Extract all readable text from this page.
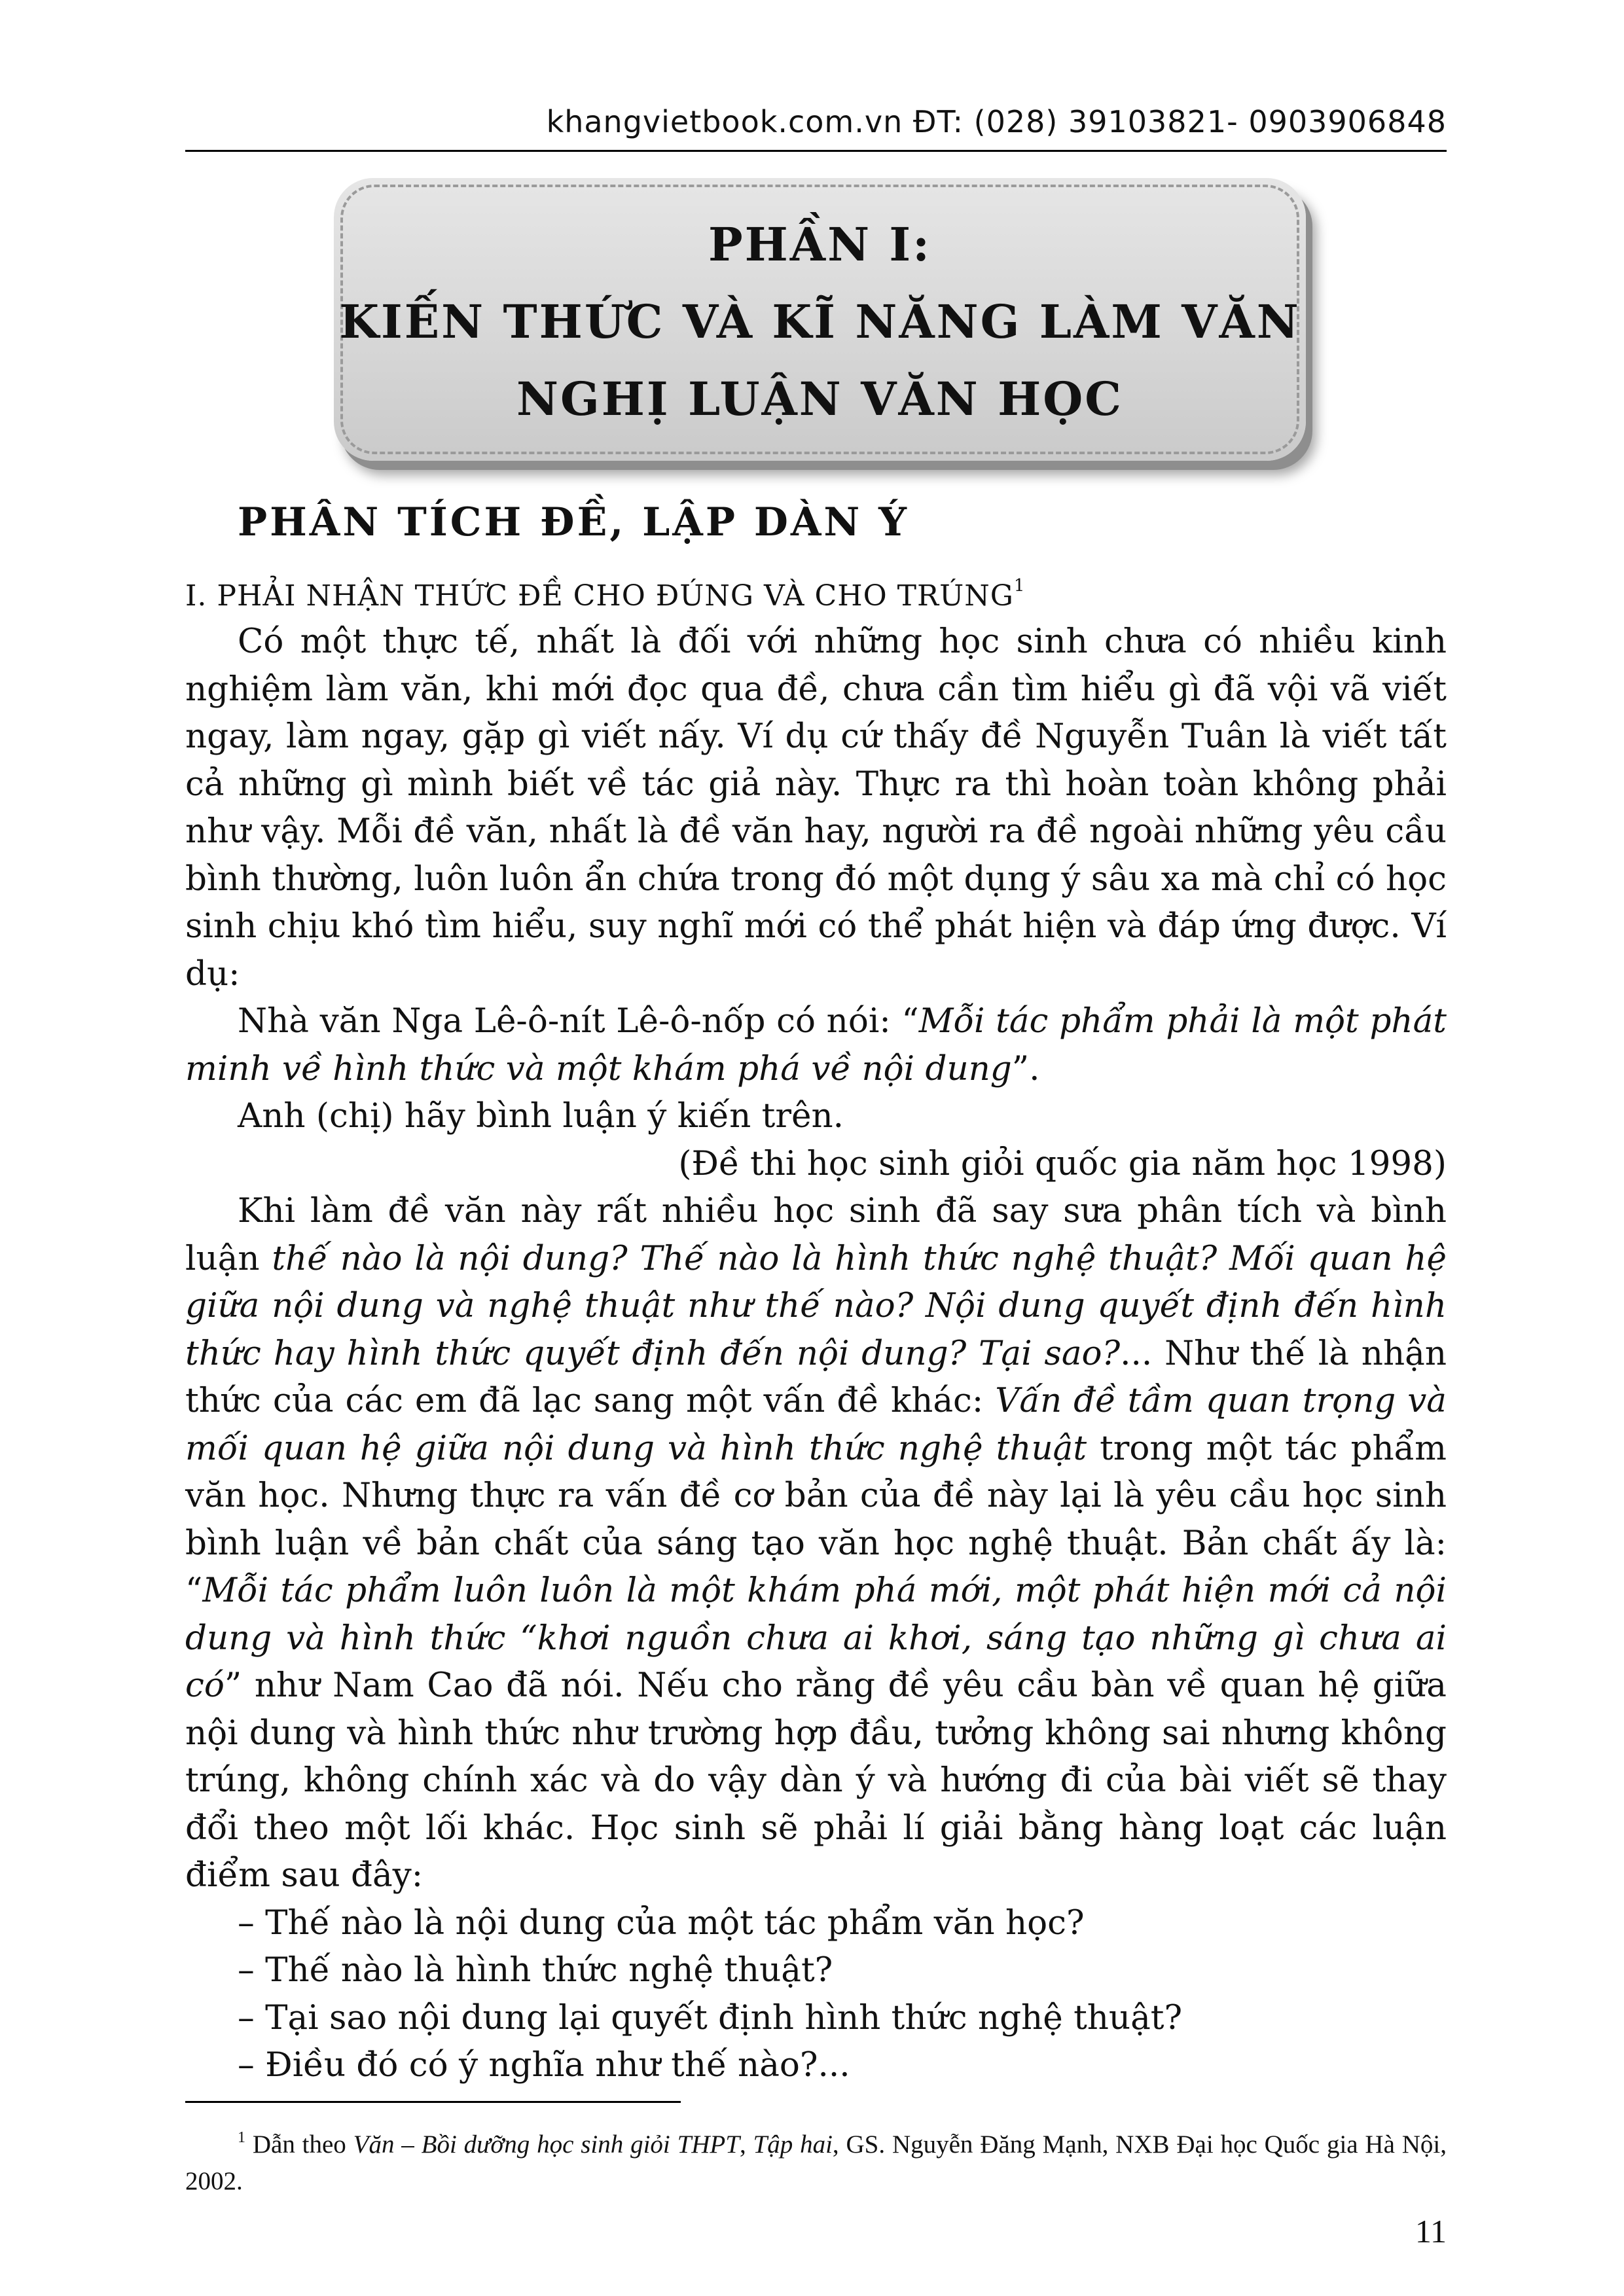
khangvietbook.com.vn ĐT: (028) 39103821- 0903906848
PHẦN I:
KIẾN THỨC VÀ KĨ NĂNG LÀM VĂN
NGHỊ LUẬN VĂN HỌC
PHÂN TÍCH ĐỀ, LẬP DÀN Ý
I. PHẢI NHẬN THỨC ĐỀ CHO ĐÚNG VÀ CHO TRÚNG$^1$

Có một thực tế, nhất là đối với những học sinh chưa có nhiều kinh nghiệm làm văn, khi mới đọc qua đề, chưa cần tìm hiểu gì đã vội vã viết ngay, làm ngay, gặp gì viết nấy. Ví dụ cứ thấy đề Nguyễn Tuân là viết tất cả những gì mình biết về tác giả này. Thực ra thì hoàn toàn không phải như vậy. Mỗi đề văn, nhất là đề văn hay, người ra đề ngoài những yêu cầu bình thường, luôn luôn ẩn chứa trong đó một dụng ý sâu xa mà chỉ có học sinh chịu khó tìm hiểu, suy nghĩ mới có thể phát hiện và đáp ứng được. Ví dụ:

Nhà văn Nga Lê-ô-nít Lê-ô-nốp có nói: “Mỗi tác phẩm phải là một phát minh về hình thức và một khám phá về nội dung”.

Anh (chị) hãy bình luận ý kiến trên.

(Đề thi học sinh giỏi quốc gia năm học 1998)

Khi làm đề văn này rất nhiều học sinh đã say sưa phân tích và bình luận thế nào là nội dung? Thế nào là hình thức nghệ thuật? Mối quan hệ giữa nội dung và nghệ thuật như thế nào? Nội dung quyết định đến hình thức hay hình thức quyết định đến nội dung? Tại sao?... Như thế là nhận thức của các em đã lạc sang một vấn đề khác: Vấn đề tầm quan trọng và mối quan hệ giữa nội dung và hình thức nghệ thuật trong một tác phẩm văn học. Nhưng thực ra vấn đề cơ bản của đề này lại là yêu cầu học sinh bình luận về bản chất của sáng tạo văn học nghệ thuật. Bản chất ấy là: “Mỗi tác phẩm luôn luôn là một khám phá mới, một phát hiện mới cả nội dung và hình thức “khơi nguồn chưa ai khơi, sáng tạo những gì chưa ai có” như Nam Cao đã nói. Nếu cho rằng đề yêu cầu bàn về quan hệ giữa nội dung và hình thức như trường hợp đầu, tưởng không sai nhưng không trúng, không chính xác và do vậy dàn ý và hướng đi của bài viết sẽ thay đổi theo một lối khác. Học sinh sẽ phải lí giải bằng hàng loạt các luận điểm sau đây:

– Thế nào là nội dung của một tác phẩm văn học?

– Thế nào là hình thức nghệ thuật?

– Tại sao nội dung lại quyết định hình thức nghệ thuật?

– Điều đó có ý nghĩa như thế nào?...

$^1$ Dẫn theo Văn – Bồi dưỡng học sinh giỏi THPT, Tập hai, GS. Nguyễn Đăng Mạnh, NXB Đại học Quốc gia Hà Nội, 2002.
11
